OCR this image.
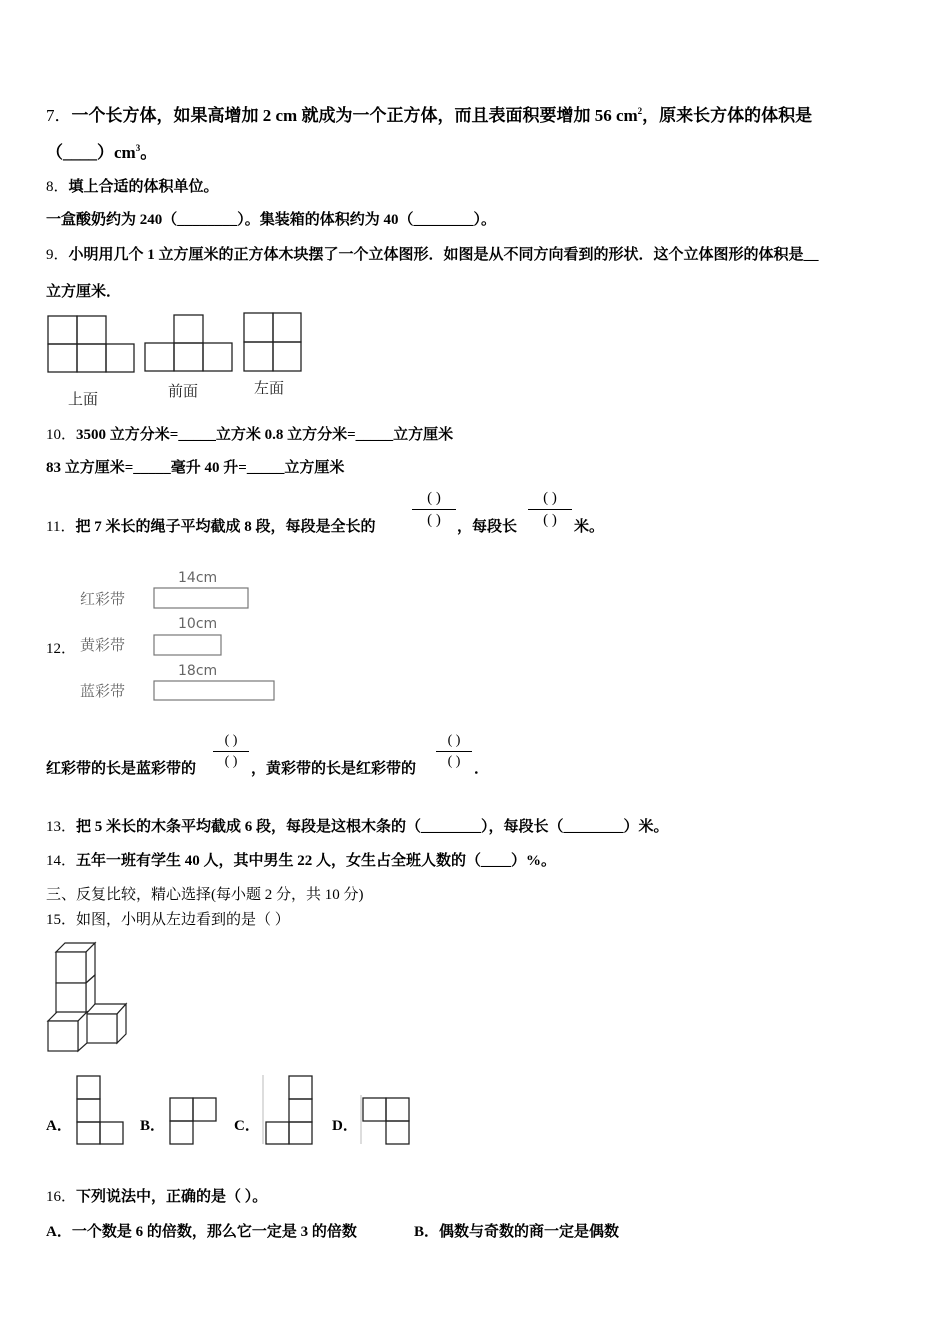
7．一个长方体，如果高增加 2 cm 就成为一个正方体，而且表面积要增加 56 $cm^2$，原来长方体的体积是
$(\_\_\_\_)cm^3$。
8．填上合适的体积单位。
一盒酸奶约为 240（________）。集装箱的体积约为 40（________）。
9．小明用几个 1 立方厘米的正方体木块摆了一个立体图形．如图是从不同方向看到的形状．这个立体图形的体积是__
立方厘米．
上面	前面	左面
10．3500 立方分米=_____立方米 0.8 立方分米=_____立方厘米
83 立方厘米=_____毫升 40 升=_____立方厘米
11．把 7 米长的绳子平均截成 8 段，每段是全长的
( )
( )	，每段长
( )
( )	米。
12．
红彩带
黄彩带
蓝彩带
14cm
10cm
18cm
红彩带的长是蓝彩带的
( )
( ) ，黄彩带的长是红彩带的
( )
( ) ．
13．把 5 米长的木条平均截成 6 段，每段是这根木条的（________），每段长（________）米。
14．五年一班有学生 40 人，其中男生 22 人，女生占全班人数的（____）%。
三、反复比较，精心选择(每小题 2 分，共 10 分)
15．如图，小明从左边看到的是（ ）
A．	B．	C．	D．
16．下列说法中，正确的是（ ）。
A．一个数是 6 的倍数，那么它一定是 3 的倍数	B．偶数与奇数的商一定是偶数
